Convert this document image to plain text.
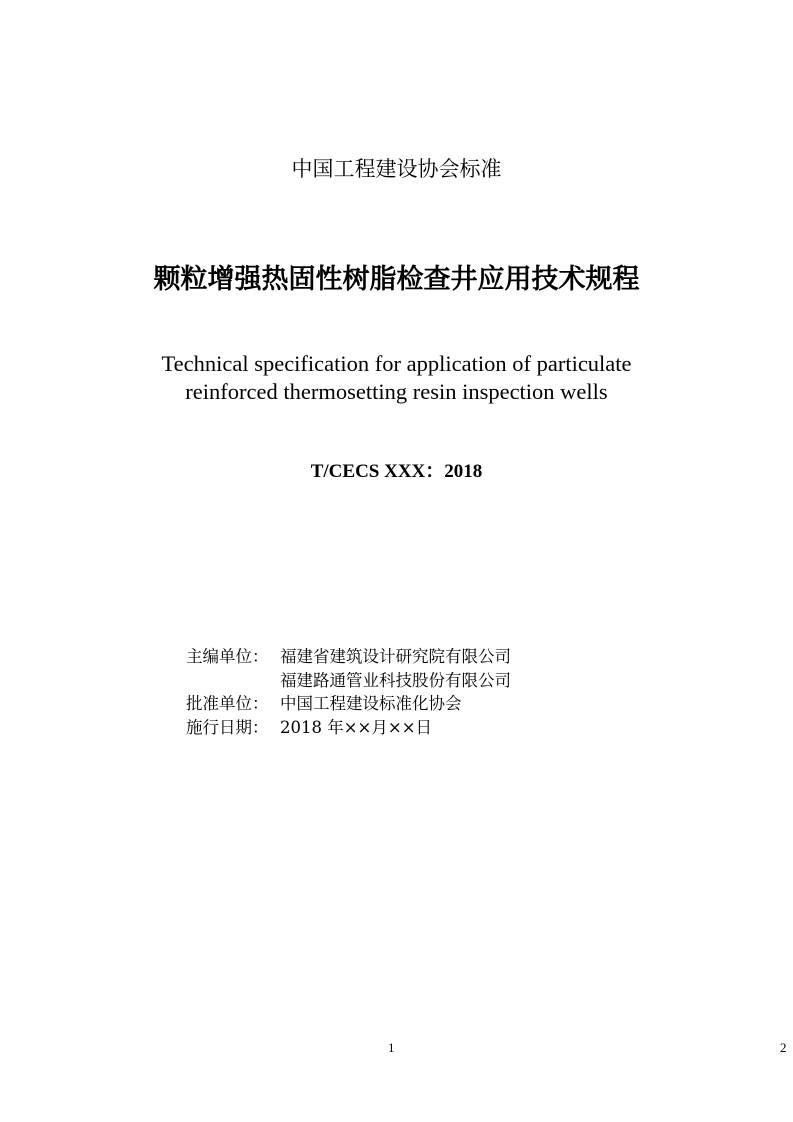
中国工程建设协会标准
颗粒增强热固性树脂检查井应用技术规程
Technical specification for application of particulate
reinforced thermosetting resin inspection wells
T/CECS XXX：2018
主编单位： 福建省建筑设计研究院有限公司
福建路通管业科技股份有限公司
批准单位： 中国工程建设标准化协会
施行日期： 2018 年××月××日
1	2
